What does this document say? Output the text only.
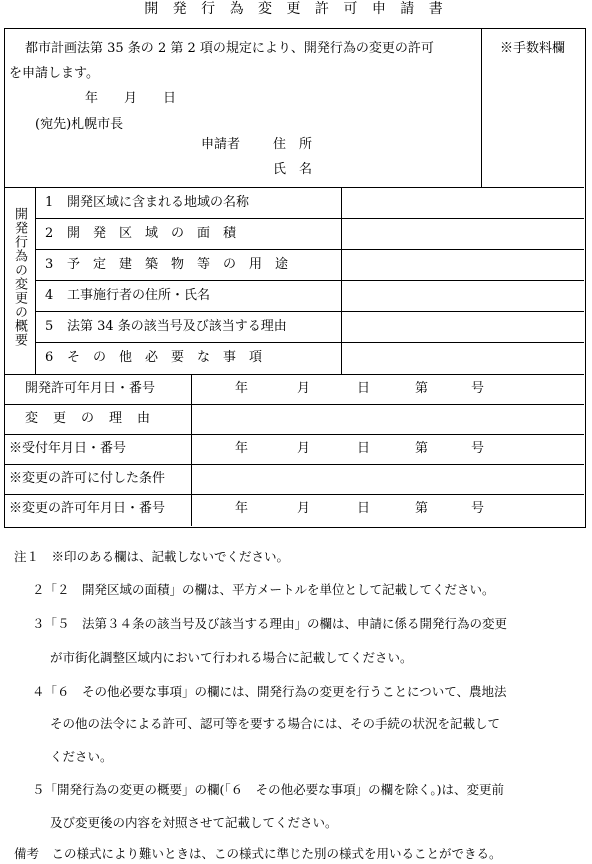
開 発 行 為 変 更 許 可 申 請 書
都市計画法第 35 条の 2 第 2 項の規定により、開発行為の変更の許可
を申請します。
年　　月　　日
(宛先)札幌市長
申請者	住　所
氏　名
※手数料欄
開発行為の変更の概要
1 開発区域に含まれる地域の名称
2 開　発　区　域　の　面　積
3 予　定　建　築　物　等　の　用　途
4 工事施行者の住所・氏名
5 法第 34 条の該当号及び該当する理由
6 そ　の　他　必　要　な　事　項
開発許可年月日・番号	年	月	日	第	号
変　更　の　理　由
※受付年月日・番号	年	月	日	第	号
※変更の許可に付した条件
※変更の許可年月日・番号	年	月	日	第	号
注１　※印のある欄は、記載しないでください。
２「２　開発区域の面積」の欄は、平方メートルを単位として記載してください。
３「５　法第３４条の該当号及び該当する理由」の欄は、申請に係る開発行為の変更
が市街化調整区域内において行われる場合に記載してください。
４「６　その他必要な事項」の欄には、開発行為の変更を行うことについて、農地法
その他の法令による許可、認可等を要する場合には、その手続の状況を記載して
ください。
５「開発行為の変更の概要」の欄(「６　その他必要な事項」の欄を除く。)は、変更前
及び変更後の内容を対照させて記載してください。
備考　この様式により難いときは、この様式に準じた別の様式を用いることができる。
